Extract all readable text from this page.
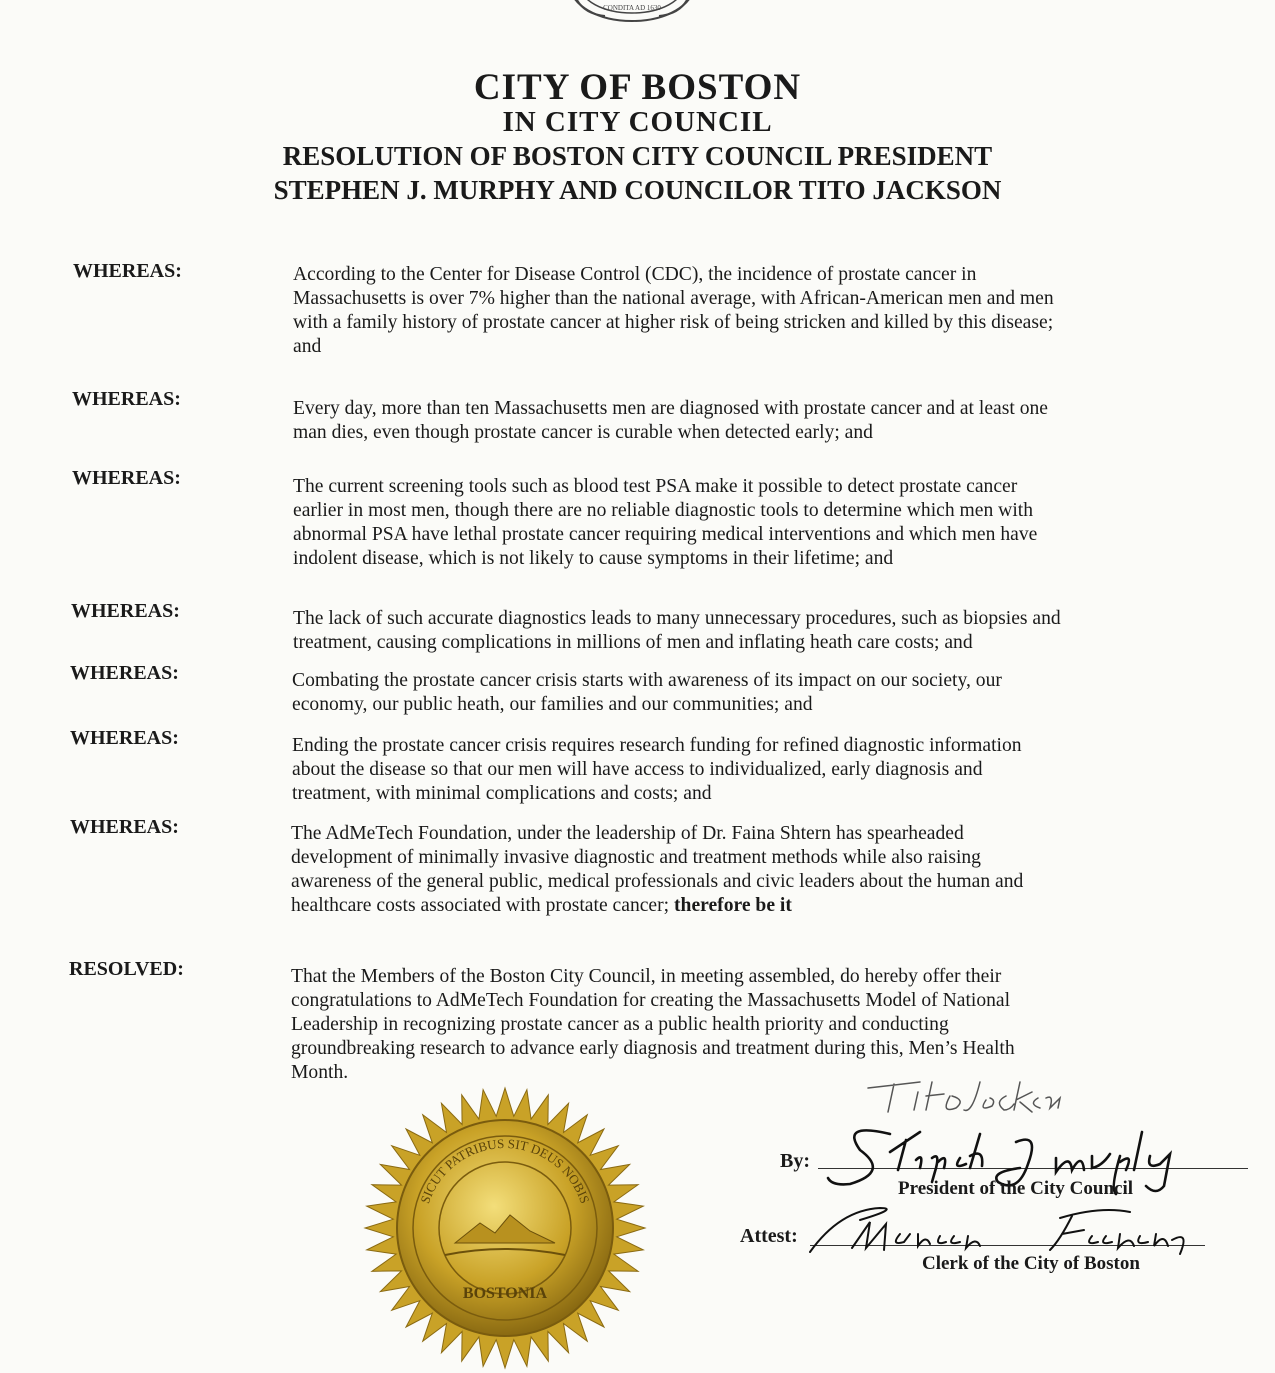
CONDITA AD 1630
CITY OF BOSTON
IN CITY COUNCIL
RESOLUTION OF BOSTON CITY COUNCIL PRESIDENT
STEPHEN J. MURPHY AND COUNCILOR TITO JACKSON
WHEREAS:	According to the Center for Disease Control (CDC), the incidence of prostate cancer in
Massachusetts is over 7% higher than the national average, with African-American men and men
with a family history of prostate cancer at higher risk of being stricken and killed by this disease;
and
WHEREAS:	Every day, more than ten Massachusetts men are diagnosed with prostate cancer and at least one
man dies, even though prostate cancer is curable when detected early; and
WHEREAS:	The current screening tools such as blood test PSA make it possible to detect prostate cancer
earlier in most men, though there are no reliable diagnostic tools to determine which men with
abnormal PSA have lethal prostate cancer requiring medical interventions and which men have
indolent disease, which is not likely to cause symptoms in their lifetime; and
WHEREAS:	The lack of such accurate diagnostics leads to many unnecessary procedures, such as biopsies and
treatment, causing complications in millions of men and inflating heath care costs; and
WHEREAS:	Combating the prostate cancer crisis starts with awareness of its impact on our society, our
economy, our public heath, our families and our communities; and
WHEREAS:	Ending the prostate cancer crisis requires research funding for refined diagnostic information
about the disease so that our men will have access to individualized, early diagnosis and
treatment, with minimal complications and costs; and
WHEREAS:	The AdMeTech Foundation, under the leadership of Dr. Faina Shtern has spearheaded
development of minimally invasive diagnostic and treatment methods while also raising
awareness of the general public, medical professionals and civic leaders about the human and
healthcare costs associated with prostate cancer; therefore be it
RESOLVED:	That the Members of the Boston City Council, in meeting assembled, do hereby offer their
congratulations to AdMeTech Foundation for creating the Massachusetts Model of National
Leadership in recognizing prostate cancer as a public health priority and conducting
groundbreaking research to advance early diagnosis and treatment during this, Men’s Health
Month.
SICUT PATRIBUS SIT DEUS NOBIS
BOSTONIA
By:
President of the City Council
Attest:
Clerk of the City of Boston
